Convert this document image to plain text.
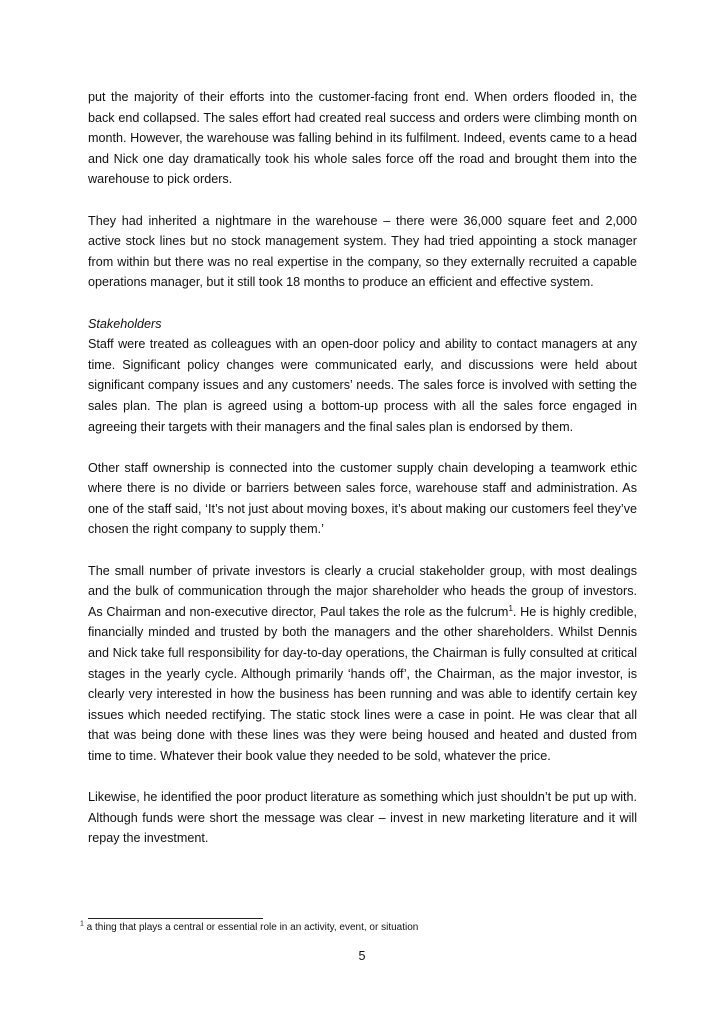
put the majority of their efforts into the customer-facing front end. When orders flooded in, the back end collapsed. The sales effort had created real success and orders were climbing month on month. However, the warehouse was falling behind in its fulfilment. Indeed, events came to a head and Nick one day dramatically took his whole sales force off the road and brought them into the warehouse to pick orders.

They had inherited a nightmare in the warehouse – there were 36,000 square feet and 2,000 active stock lines but no stock management system. They had tried appointing a stock manager from within but there was no real expertise in the company, so they externally recruited a capable operations manager, but it still took 18 months to produce an efficient and effective system.

Stakeholders

Staff were treated as colleagues with an open-door policy and ability to contact managers at any time. Significant policy changes were communicated early, and discussions were held about significant company issues and any customers’ needs. The sales force is involved with setting the sales plan. The plan is agreed using a bottom-up process with all the sales force engaged in agreeing their targets with their managers and the final sales plan is endorsed by them.

Other staff ownership is connected into the customer supply chain developing a teamwork ethic where there is no divide or barriers between sales force, warehouse staff and administration. As one of the staff said, ‘It’s not just about moving boxes, it’s about making our customers feel they’ve chosen the right company to supply them.’

The small number of private investors is clearly a crucial stakeholder group, with most dealings and the bulk of communication through the major shareholder who heads the group of investors. As Chairman and non-executive director, Paul takes the role as the fulcrum$^1$. He is highly credible, financially minded and trusted by both the managers and the other shareholders. Whilst Dennis and Nick take full responsibility for day-to-day operations, the Chairman is fully consulted at critical stages in the yearly cycle. Although primarily ‘hands off’, the Chairman, as the major investor, is clearly very interested in how the business has been running and was able to identify certain key issues which needed rectifying. The static stock lines were a case in point. He was clear that all that was being done with these lines was they were being housed and heated and dusted from time to time. Whatever their book value they needed to be sold, whatever the price.

Likewise, he identified the poor product literature as something which just shouldn’t be put up with. Although funds were short the message was clear – invest in new marketing literature and it will repay the investment.

$^1$ a thing that plays a central or essential role in an activity, event, or situation
5
